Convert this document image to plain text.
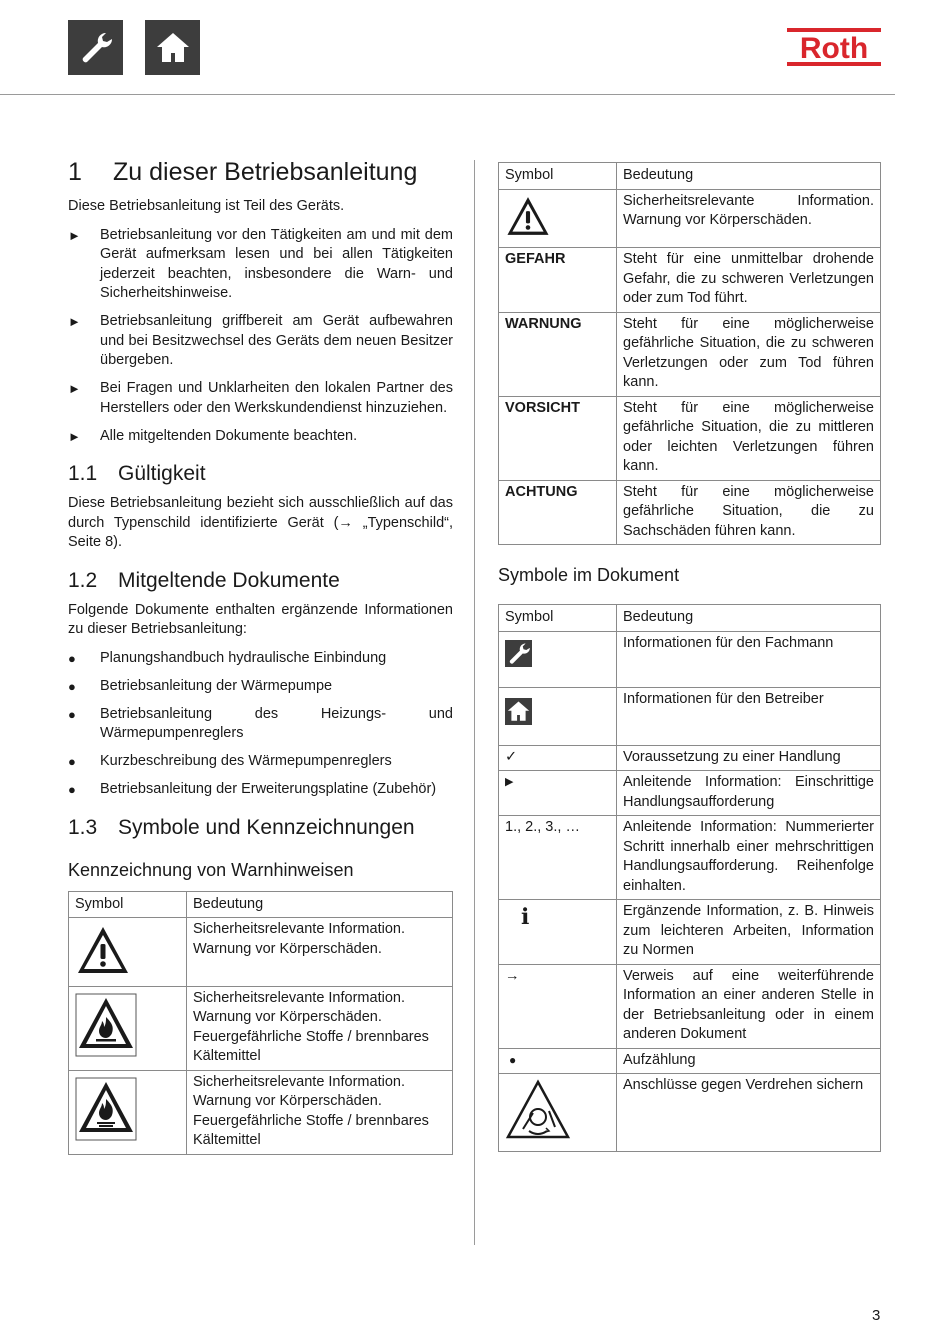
Roth
1	Zu dieser Betriebsanleitung

Diese Betriebsanleitung ist Teil des Geräts.

►	Betriebsanleitung vor den Tätigkeiten am und mit dem Gerät aufmerksam lesen und bei allen Tätigkeiten jederzeit beachten, insbesondere die Warn- und Sicherheitshinweise.
►	Betriebsanleitung griffbereit am Gerät aufbewahren und bei Besitzwechsel des Geräts dem neuen Besitzer übergeben.
►	Bei Fragen und Unklarheiten den lokalen Partner des Herstellers oder den Werkskundendienst hinzuziehen.
►	Alle mitgeltenden Dokumente beachten.
1.1 Gültigkeit

Diese Betriebsanleitung bezieht sich ausschließlich auf das durch Typenschild identifizierte Gerät (→ „Typenschild“, Seite 8).

1.2 Mitgeltende Dokumente

Folgende Dokumente enthalten ergänzende Informationen zu dieser Betriebsanleitung:

●	Planungshandbuch hydraulische Einbindung
●	Betriebsanleitung der Wärmepumpe
●	Betriebsanleitung des Heizungs- und Wärmepumpenreglers
●	Kurzbeschreibung des Wärmepumpenreglers
●	Betriebsanleitung der Erweiterungsplatine (Zubehör)
1.3 Symbole und Kennzeichnungen
Kennzeichnung von Warnhinweisen
Symbol	Bedeutung
	Sicherheitsrelevante Information. Warnung vor Körperschäden.
	Sicherheitsrelevante Information. Warnung vor Körperschäden. Feuergefährliche Stoffe / brennbares Kältemittel
	Sicherheitsrelevante Information. Warnung vor Körperschäden. Feuergefährliche Stoffe / brennbares Kältemittel
Symbol	Bedeutung
	Sicherheitsrelevante Information. Warnung vor Körperschäden.
GEFAHR	Steht für eine unmittelbar drohende Gefahr, die zu schweren Verletzungen oder zum Tod führt.
WARNUNG	Steht für eine möglicherweise gefährliche Situation, die zu schweren Verletzungen oder zum Tod führen kann.
VORSICHT	Steht für eine möglicherweise gefährliche Situation, die zu mittleren oder leichten Verletzungen führen kann.
ACHTUNG	Steht für eine möglicherweise gefährliche Situation, die zu Sachschäden führen kann.
Symbole im Dokument
Symbol	Bedeutung
	Informationen für den Fachmann
	Informationen für den Betreiber
✓	Voraussetzung zu einer Handlung
▶	Anleitende Information: Einschrittige Handlungsaufforderung
1., 2., 3., …	Anleitende Information: Nummerierter Schritt innerhalb einer mehrschrittigen Handlungsaufforderung. Reihenfolge einhalten.
ℹ	Ergänzende Information, z. B. Hinweis zum leichteren Arbeiten, Information zu Normen
→	Verweis auf eine weiterführende Information an einer anderen Stelle in der Betriebsanleitung oder in einem anderen Dokument
●	Aufzählung
	Anschlüsse gegen Verdrehen sichern
3
